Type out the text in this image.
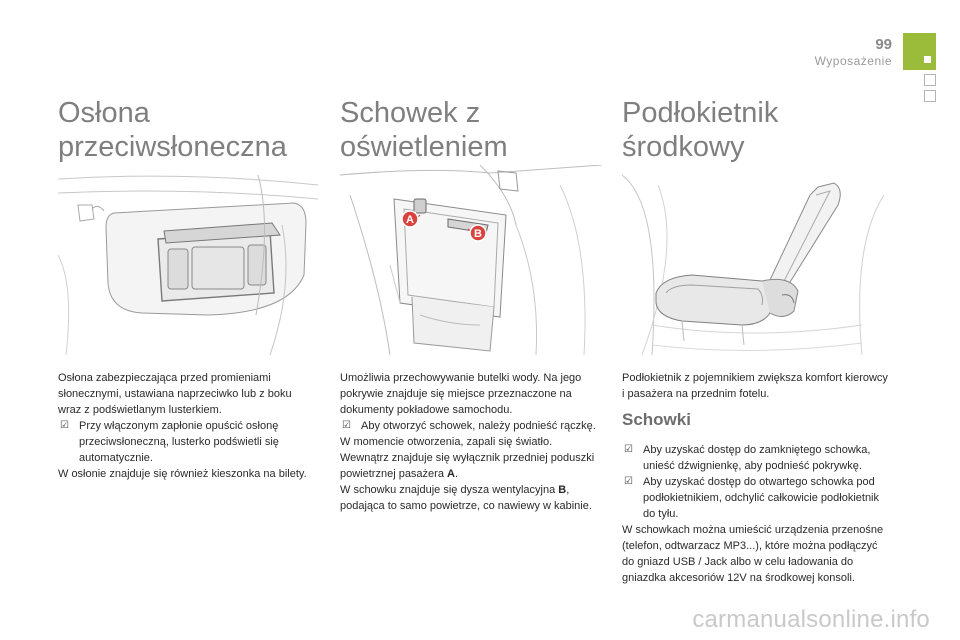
99
Wyposażenie
Osłona
przeciwsłoneczna
Schowek z
oświetleniem
Podłokietnik
środkowy
A
B

Osłona zabezpieczająca przed promieniami słonecznymi, ustawiana naprzeciwko lub z boku wraz z podświetlanym lusterkiem.

☑ Przy włączonym zapłonie opuścić osłonę przeciwsłoneczną, lusterko podświetli się automatycznie.

W osłonie znajduje się również kieszonka na bilety.

Umożliwia przechowywanie butelki wody. Na jego pokrywie znajduje się miejsce przeznaczone na dokumenty pokładowe samochodu.

☑ Aby otworzyć schowek, należy podnieść rączkę.

W momencie otworzenia, zapali się światło. Wewnątrz znajduje się wyłącznik przedniej poduszki powietrznej pasażera A.

W schowku znajduje się dysza wentylacyjna B, podająca to samo powietrze, co nawiewy w kabinie.

Podłokietnik z pojemnikiem zwiększa komfort kierowcy i pasażera na przednim fotelu.

Schowki
☑ Aby uzyskać dostęp do zamkniętego schowka, unieść dźwignienkę, aby podnieść pokrywkę.
☑ Aby uzyskać dostęp do otwartego schowka pod podłokietnikiem, odchylić całkowicie podłokietnik do tyłu.

W schowkach można umieścić urządzenia przenośne (telefon, odtwarzacz MP3...), które można podłączyć do gniazd USB / Jack albo w celu ładowania do gniazdka akcesoriów 12V na środkowej konsoli.

carmanualsonline.info
